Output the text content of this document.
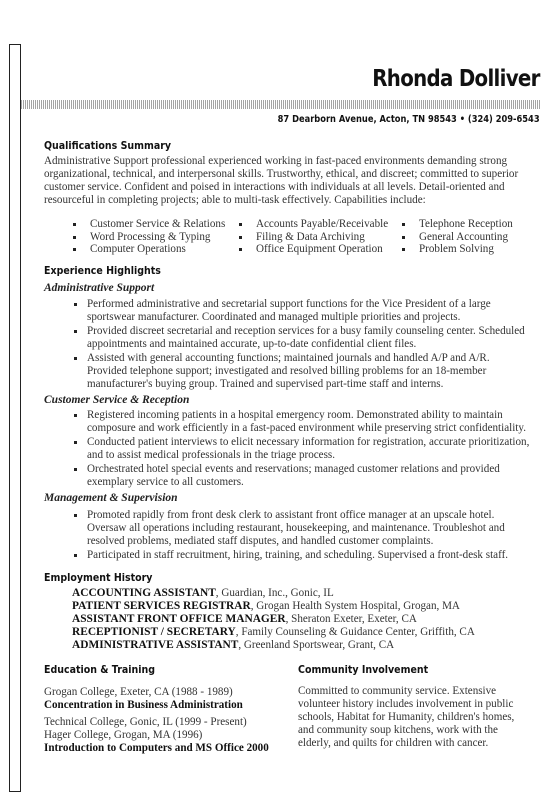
Rhonda Dolliver
87 Dearborn Avenue, Acton, TN 98543 • (324) 209-6543
Qualifications Summary

Administrative Support professional experienced working in fast-paced environments demanding strong organizational, technical, and interpersonal skills. Trustworthy, ethical, and discreet; committed to superior customer service. Confident and poised in interactions with individuals at all levels. Detail-oriented and resourceful in completing projects; able to multi-task effectively. Capabilities include:

Customer Service & Relations	Accounts Payable/Receivable	Telephone Reception
Word Processing & Typing	Filing & Data Archiving	General Accounting
Computer Operations	Office Equipment Operation	Problem Solving
Experience Highlights
Administrative Support
Performed administrative and secretarial support functions for the Vice President of a large sportswear manufacturer. Coordinated and managed multiple priorities and projects.
Provided discreet secretarial and reception services for a busy family counseling center. Scheduled appointments and maintained accurate, up-to-date confidential client files.
Assisted with general accounting functions; maintained journals and handled A/P and A/R. Provided telephone support; investigated and resolved billing problems for an 18-member manufacturer's buying group. Trained and supervised part-time staff and interns.
Customer Service & Reception
Registered incoming patients in a hospital emergency room. Demonstrated ability to maintain composure and work efficiently in a fast-paced environment while preserving strict confidentiality.
Conducted patient interviews to elicit necessary information for registration, accurate prioritization, and to assist medical professionals in the triage process.
Orchestrated hotel special events and reservations; managed customer relations and provided exemplary service to all customers.
Management & Supervision
Promoted rapidly from front desk clerk to assistant front office manager at an upscale hotel. Oversaw all operations including restaurant, housekeeping, and maintenance. Troubleshot and resolved problems, mediated staff disputes, and handled customer complaints.
Participated in staff recruitment, hiring, training, and scheduling. Supervised a front-desk staff.
Employment History
ACCOUNTING ASSISTANT, Guardian, Inc., Gonic, IL
PATIENT SERVICES REGISTRAR, Grogan Health System Hospital, Grogan, MA
ASSISTANT FRONT OFFICE MANAGER, Sheraton Exeter, Exeter, CA
RECEPTIONIST / SECRETARY, Family Counseling & Guidance Center, Griffith, CA
ADMINISTRATIVE ASSISTANT, Greenland Sportswear, Grant, CA
Education & Training
Grogan College, Exeter, CA (1988 - 1989)
Concentration in Business Administration
Technical College, Gonic, IL (1999 - Present)
Hager College, Grogan, MA (1996)
Introduction to Computers and MS Office 2000
Community Involvement

Committed to community service. Extensive volunteer history includes involvement in public schools, Habitat for Humanity, children's homes, and community soup kitchens, work with the elderly, and quilts for children with cancer.
